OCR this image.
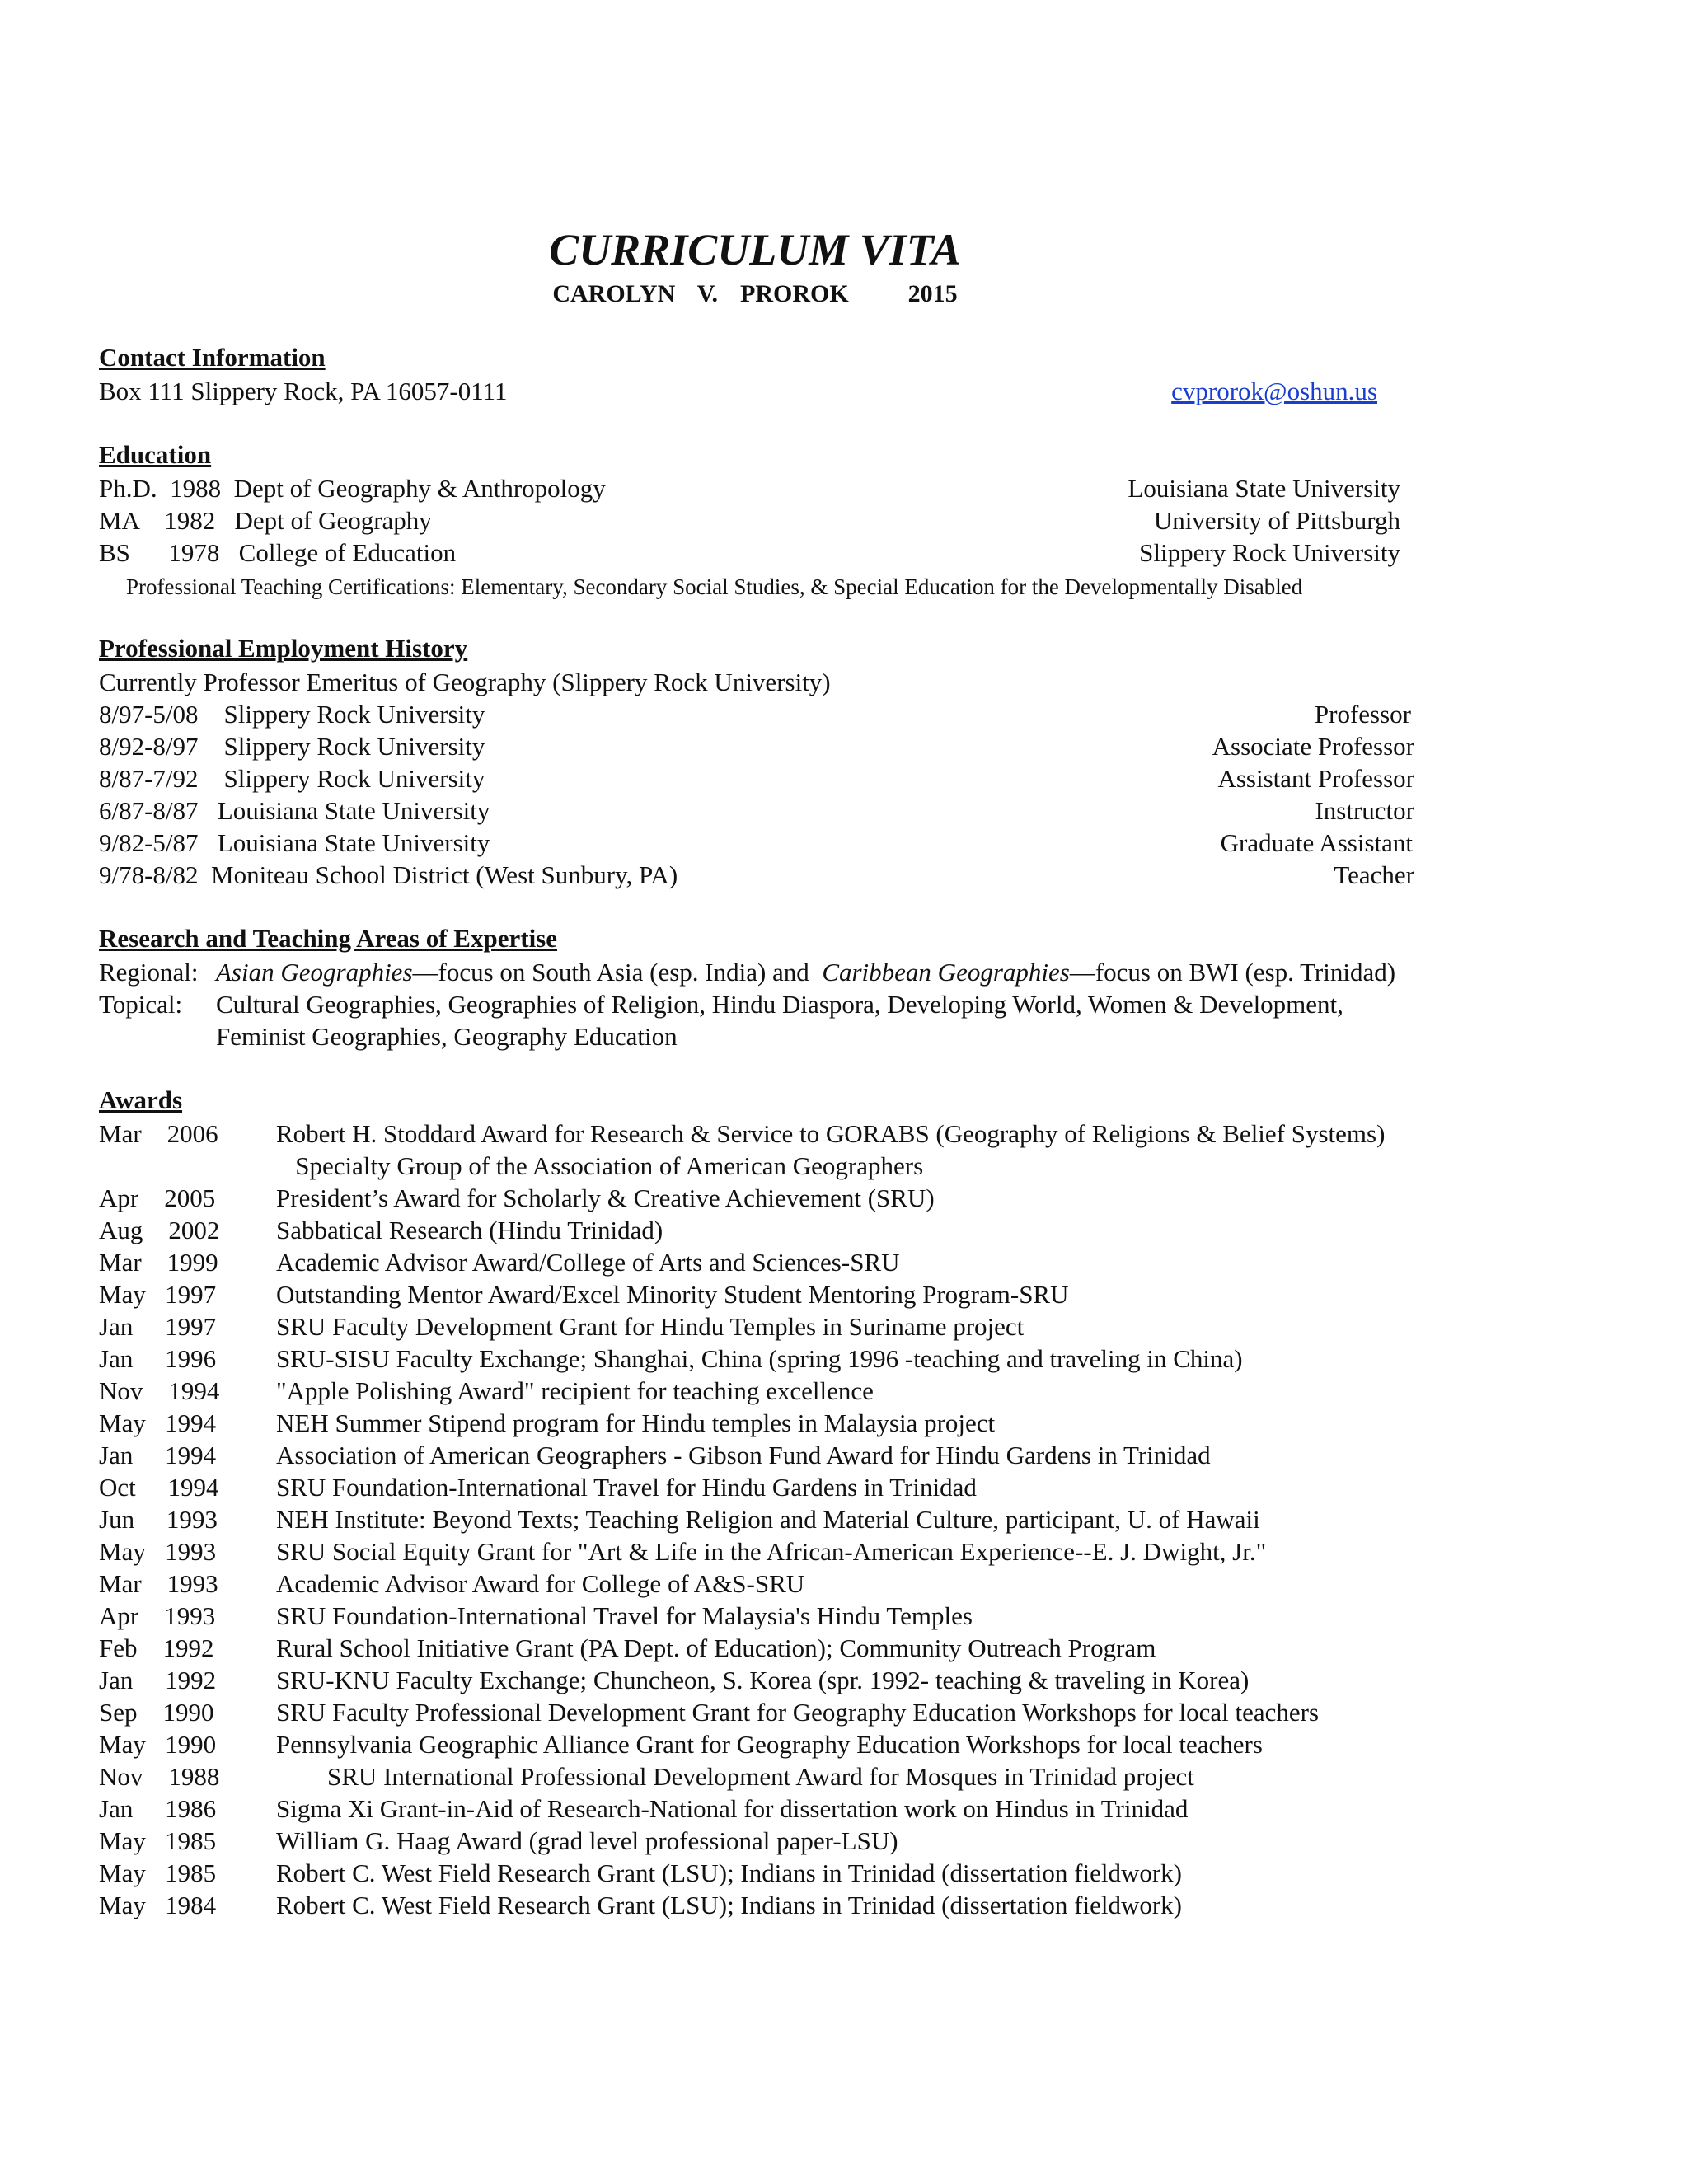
CURRICULUM VITA
CAROLYN  V.  PROROK 2015
Contact Information
Box 111 Slippery Rock, PA 16057-0111	cvprorok@oshun.us
Education
Ph.D.  1988  Dept of Geography & Anthropology	Louisiana State University
MA    1982   Dept of Geography	University of Pittsburgh
BS      1978   College of Education	Slippery Rock University
Professional Teaching Certifications: Elementary, Secondary Social Studies, & Special Education for the Developmentally Disabled
Professional Employment History
Currently Professor Emeritus of Geography (Slippery Rock University)
8/97-5/08    Slippery Rock University	Professor
8/92-8/97    Slippery Rock University	Associate Professor
8/87-7/92    Slippery Rock University	Assistant Professor
6/87-8/87   Louisiana State University	Instructor
9/82-5/87   Louisiana State University	Graduate Assistant
9/78-8/82  Moniteau School District (West Sunbury, PA)	Teacher
Research and Teaching Areas of Expertise
Regional: Asian Geographies—focus on South Asia (esp. India) and Caribbean Geographies—focus on BWI (esp. Trinidad)
Topical: Cultural Geographies, Geographies of Religion, Hindu Diaspora, Developing World, Women & Development,
Feminist Geographies, Geography Education
Awards
Mar    2006 Robert H. Stoddard Award for Research & Service to GORABS (Geography of Religions & Belief Systems)
Specialty Group of the Association of American Geographers
Apr    2005 President’s Award for Scholarly & Creative Achievement (SRU)
Aug    2002 Sabbatical Research (Hindu Trinidad)
Mar    1999 Academic Advisor Award/College of Arts and Sciences-SRU
May   1997 Outstanding Mentor Award/Excel Minority Student Mentoring Program-SRU
Jan     1997 SRU Faculty Development Grant for Hindu Temples in Suriname project
Jan     1996 SRU-SISU Faculty Exchange; Shanghai, China (spring 1996 -teaching and traveling in China)
Nov    1994 "Apple Polishing Award" recipient for teaching excellence
May   1994 NEH Summer Stipend program for Hindu temples in Malaysia project
Jan     1994 Association of American Geographers - Gibson Fund Award for Hindu Gardens in Trinidad
Oct     1994 SRU Foundation-International Travel for Hindu Gardens in Trinidad
Jun     1993 NEH Institute: Beyond Texts; Teaching Religion and Material Culture, participant, U. of Hawaii
May   1993 SRU Social Equity Grant for "Art & Life in the African-American Experience--E. J. Dwight, Jr."
Mar    1993 Academic Advisor Award for College of A&S-SRU
Apr    1993 SRU Foundation-International Travel for Malaysia's Hindu Temples
Feb    1992 Rural School Initiative Grant (PA Dept. of Education); Community Outreach Program
Jan     1992 SRU-KNU Faculty Exchange; Chuncheon, S. Korea (spr. 1992- teaching & traveling in Korea)
Sep    1990 SRU Faculty Professional Development Grant for Geography Education Workshops for local teachers
May   1990 Pennsylvania Geographic Alliance Grant for Geography Education Workshops for local teachers
Nov    1988 SRU International Professional Development Award for Mosques in Trinidad project
Jan     1986 Sigma Xi Grant-in-Aid of Research-National for dissertation work on Hindus in Trinidad
May   1985 William G. Haag Award (grad level professional paper-LSU)
May   1985 Robert C. West Field Research Grant (LSU); Indians in Trinidad (dissertation fieldwork)
May   1984 Robert C. West Field Research Grant (LSU); Indians in Trinidad (dissertation fieldwork)
